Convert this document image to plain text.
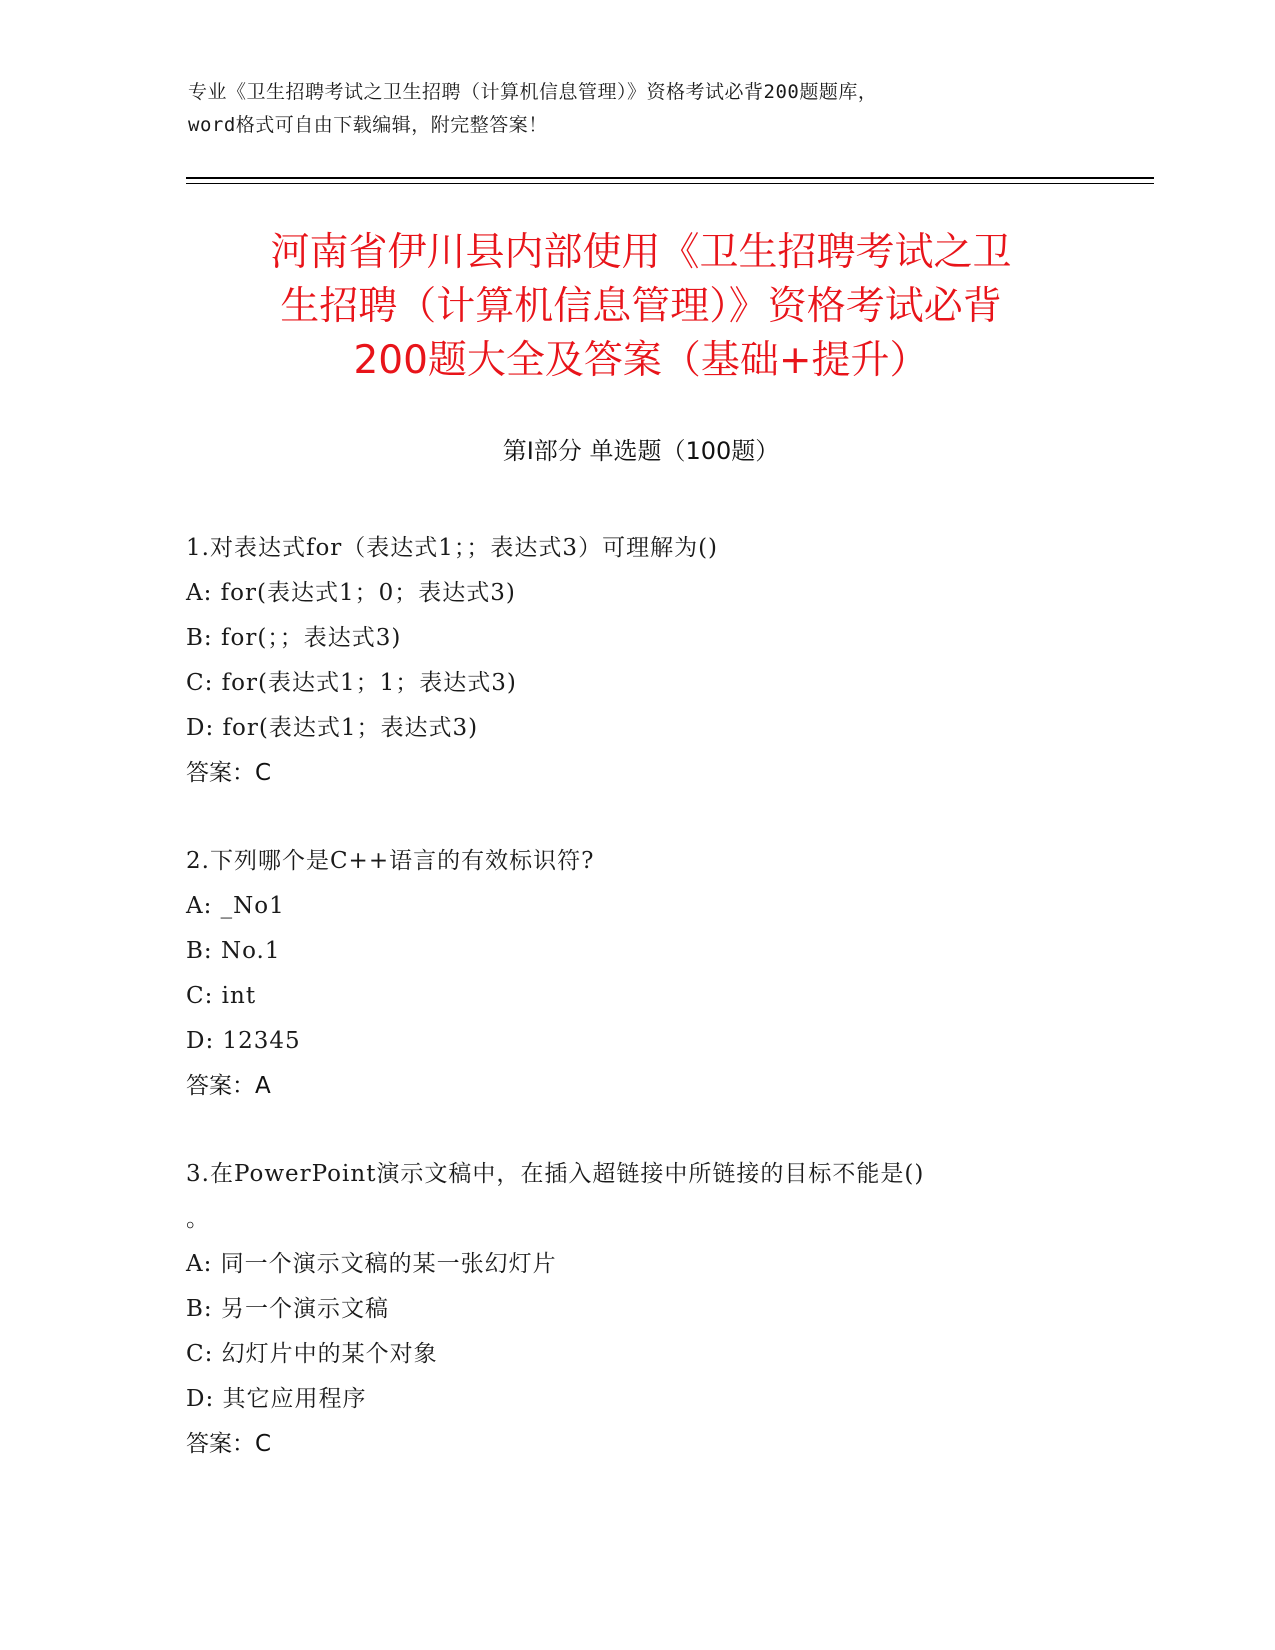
专业《卫生招聘考试之卫生招聘（计算机信息管理）》资格考试必背200题题库，
word格式可自由下载编辑，附完整答案！
河南省伊川县内部使用《卫生招聘考试之卫
生招聘（计算机信息管理）》资格考试必背
200题大全及答案（基础+提升）
第Ⅰ部分 单选题（100题）
1.对表达式for（表达式1；；表达式3）可理解为()
A: for(表达式1；0；表达式3)
B: for(；；表达式3)
C: for(表达式1；1；表达式3)
D: for(表达式1；表达式3)
答案：C
2.下列哪个是C++语言的有效标识符?
A: _No1
B: No.1
C: int
D: 12345
答案：A
3.在PowerPoint演示文稿中，在插入超链接中所链接的目标不能是()
。
A: 同一个演示文稿的某一张幻灯片
B: 另一个演示文稿
C: 幻灯片中的某个对象
D: 其它应用程序
答案：C
